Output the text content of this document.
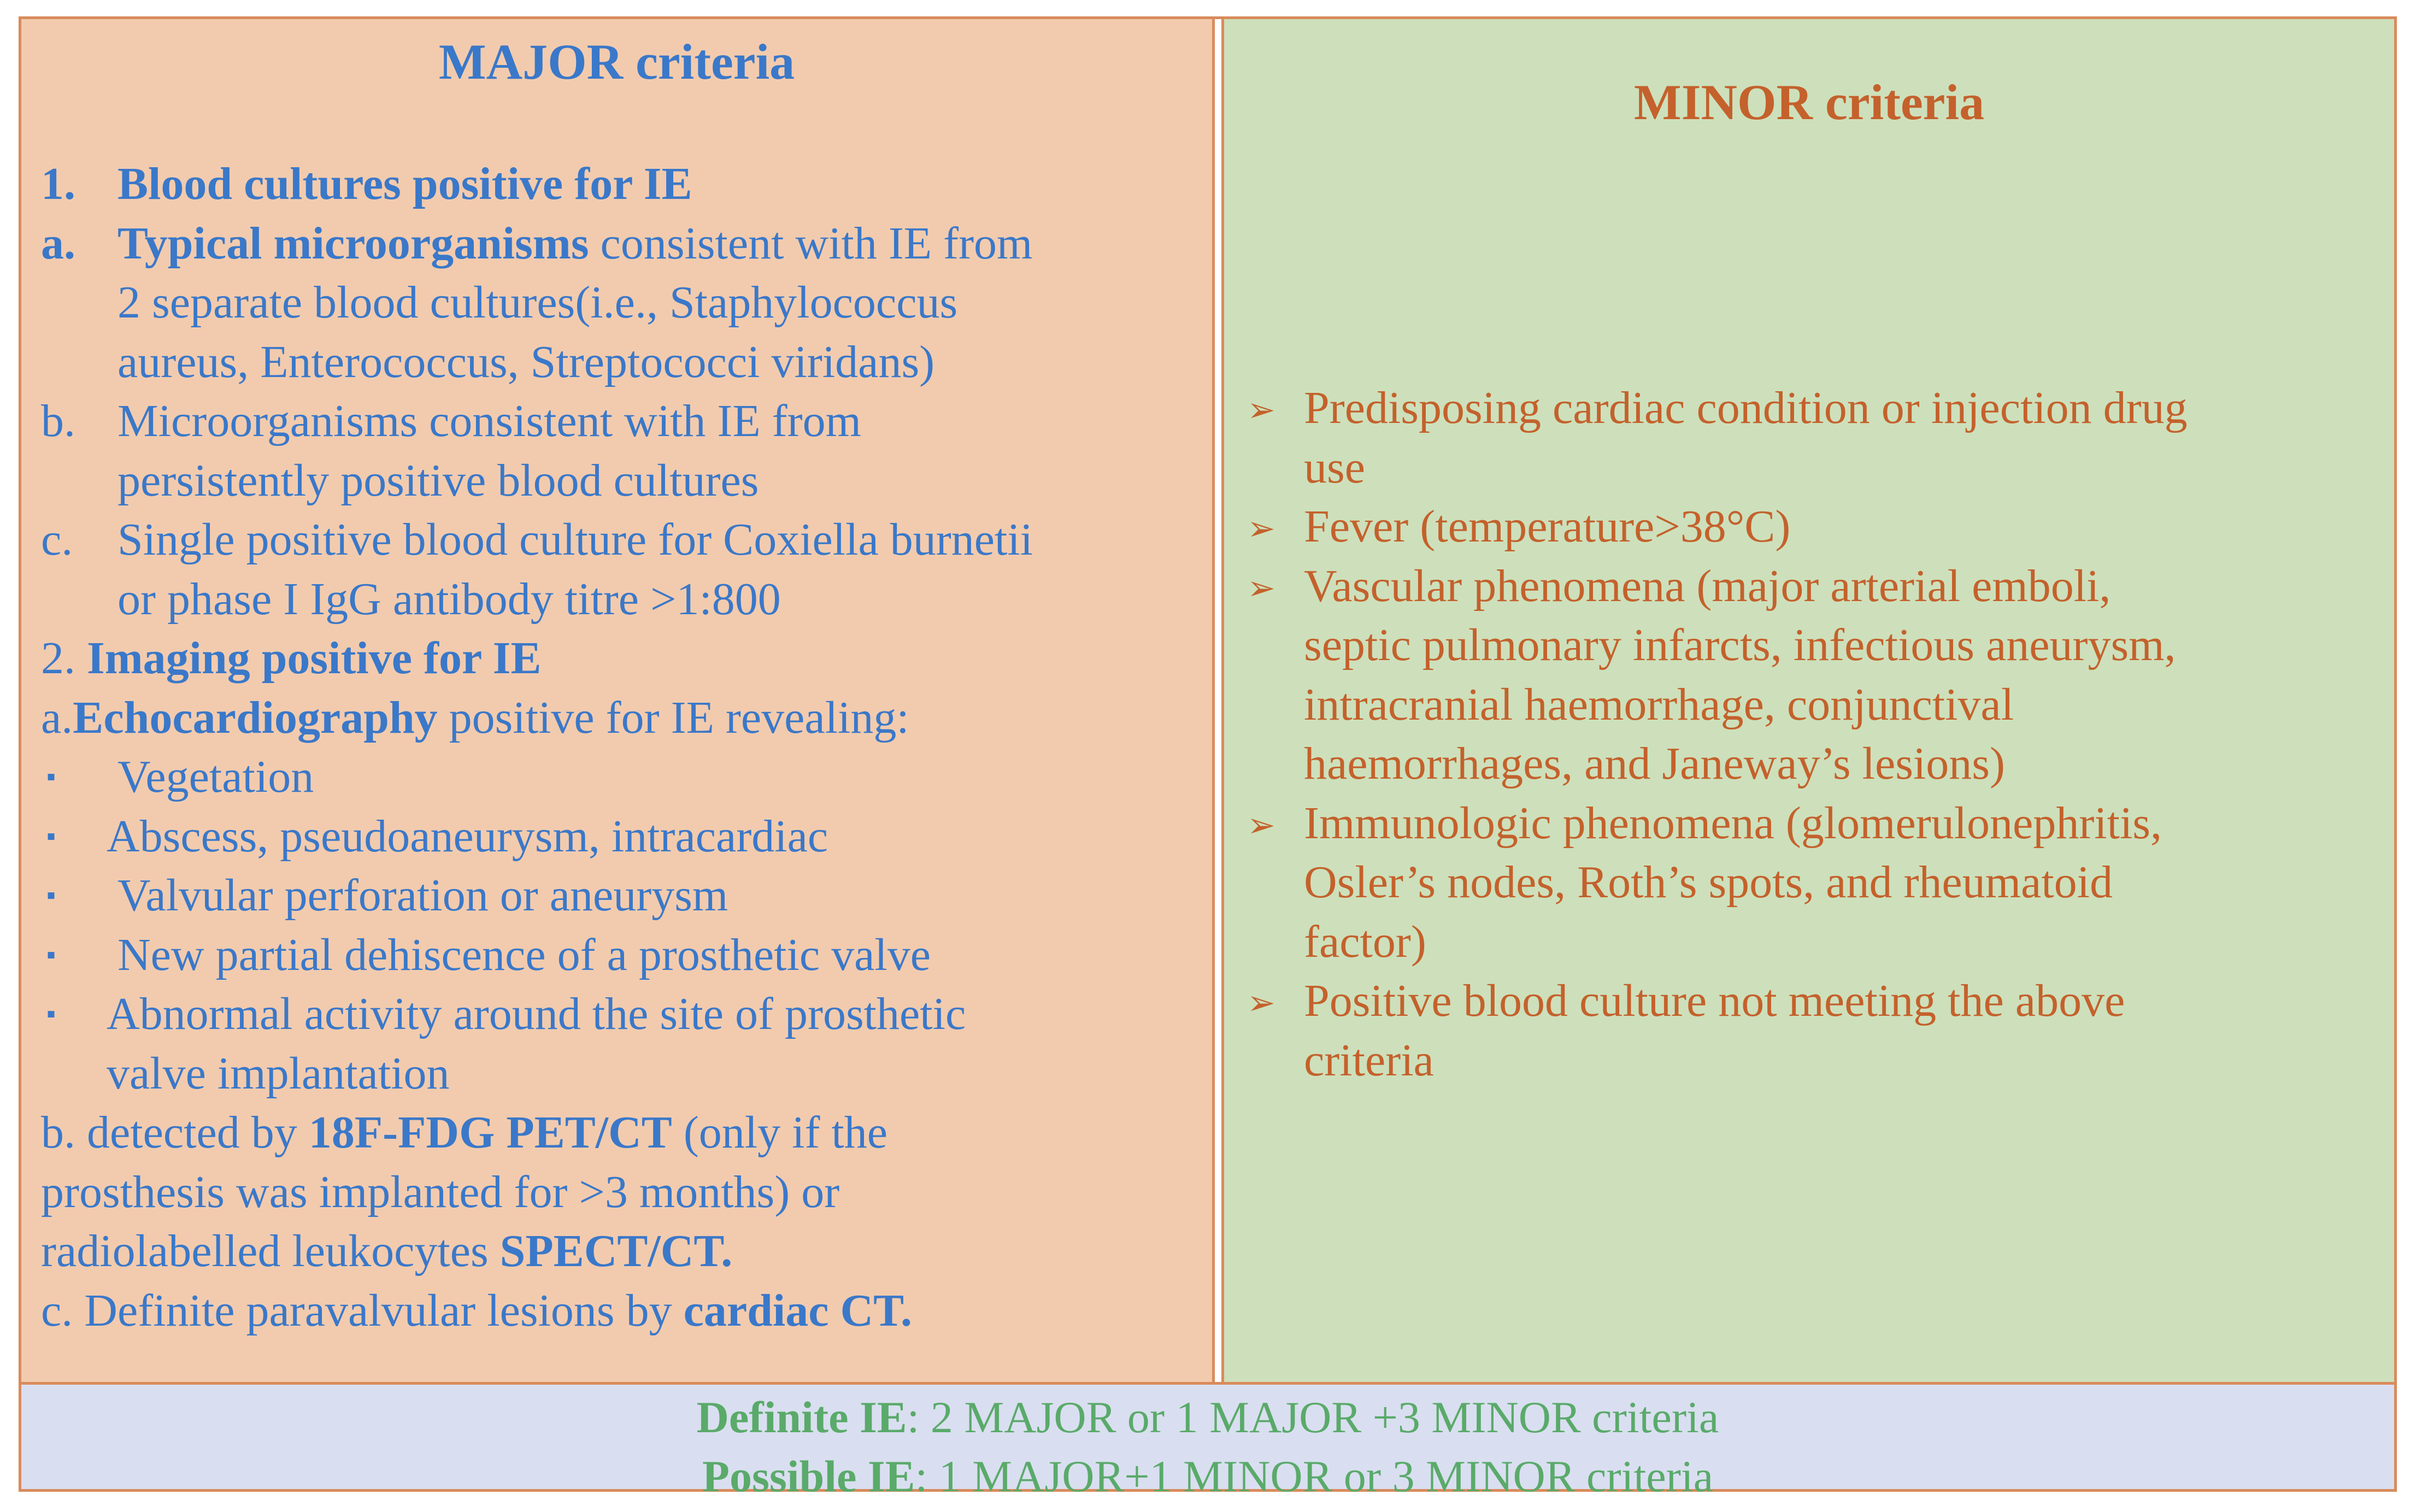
MAJOR criteria
1. Blood cultures positive for IE
a. Typical microorganisms consistent with IE from
2 separate blood cultures(i.e., Staphylococcus
aureus, Enterococcus, Streptococci viridans)
b. Microorganisms consistent with IE from
persistently positive blood cultures
c. Single positive blood culture for Coxiella burnetii
or phase I IgG antibody titre >1:800
2. Imaging positive for IE
a.Echocardiography positive for IE revealing:
▪ Vegetation
▪ Abscess, pseudoaneurysm, intracardiac
▪ Valvular perforation or aneurysm
▪ New partial dehiscence of a prosthetic valve
▪ Abnormal activity around the site of prosthetic
valve implantation
b. detected by 18F-FDG PET/CT (only if the
prosthesis was implanted for >3 months) or
radiolabelled leukocytes SPECT/CT.
c. Definite paravalvular lesions by cardiac CT.
MINOR criteria
➢ Predisposing cardiac condition or injection drug
use
➢ Fever (temperature>38°C)
➢ Vascular phenomena (major arterial emboli,
septic pulmonary infarcts, infectious aneurysm,
intracranial haemorrhage, conjunctival
haemorrhages, and Janeway’s lesions)
➢ Immunologic phenomena (glomerulonephritis,
Osler’s nodes, Roth’s spots, and rheumatoid
factor)
➢ Positive blood culture not meeting the above
criteria
Definite IE: 2 MAJOR or 1 MAJOR +3 MINOR criteria
Possible IE: 1 MAJOR+1 MINOR or 3 MINOR criteria
